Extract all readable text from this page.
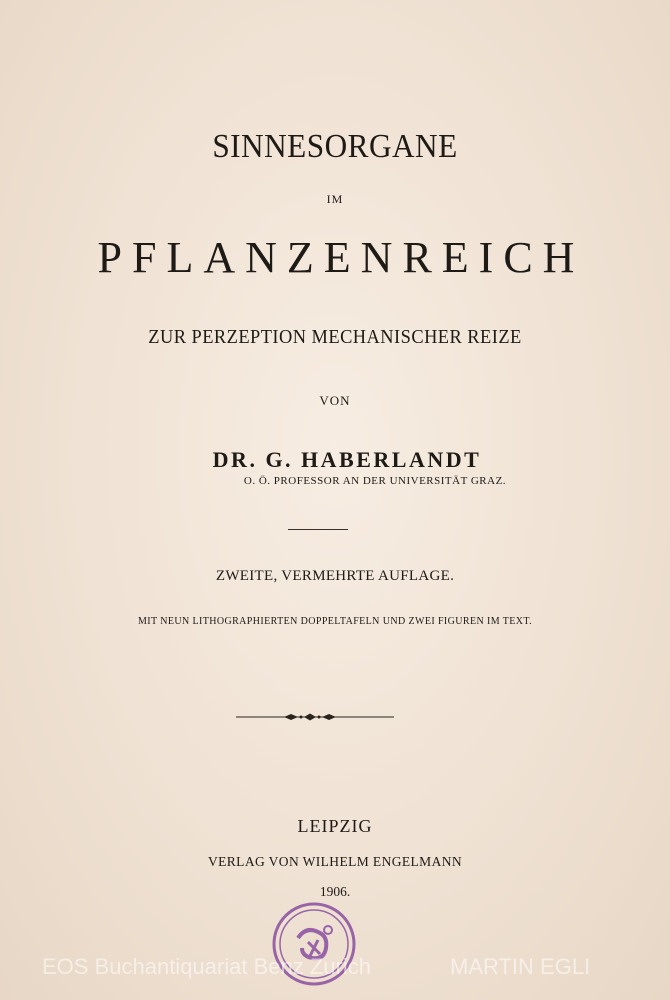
SINNESORGANE
IM
PFLANZENREICH
ZUR PERZEPTION MECHANISCHER REIZE
VON
DR. G. HABERLANDT
O. Ö. PROFESSOR AN DER UNIVERSITÄT GRAZ.
ZWEITE, VERMEHRTE AUFLAGE.
MIT NEUN LITHOGRAPHIERTEN DOPPELTAFELN UND ZWEI FIGUREN IM TEXT.
LEIPZIG
VERLAG VON WILHELM ENGELMANN
1906.
EOS Buchantiquariat Benz Zurich	MARTIN EGLI
